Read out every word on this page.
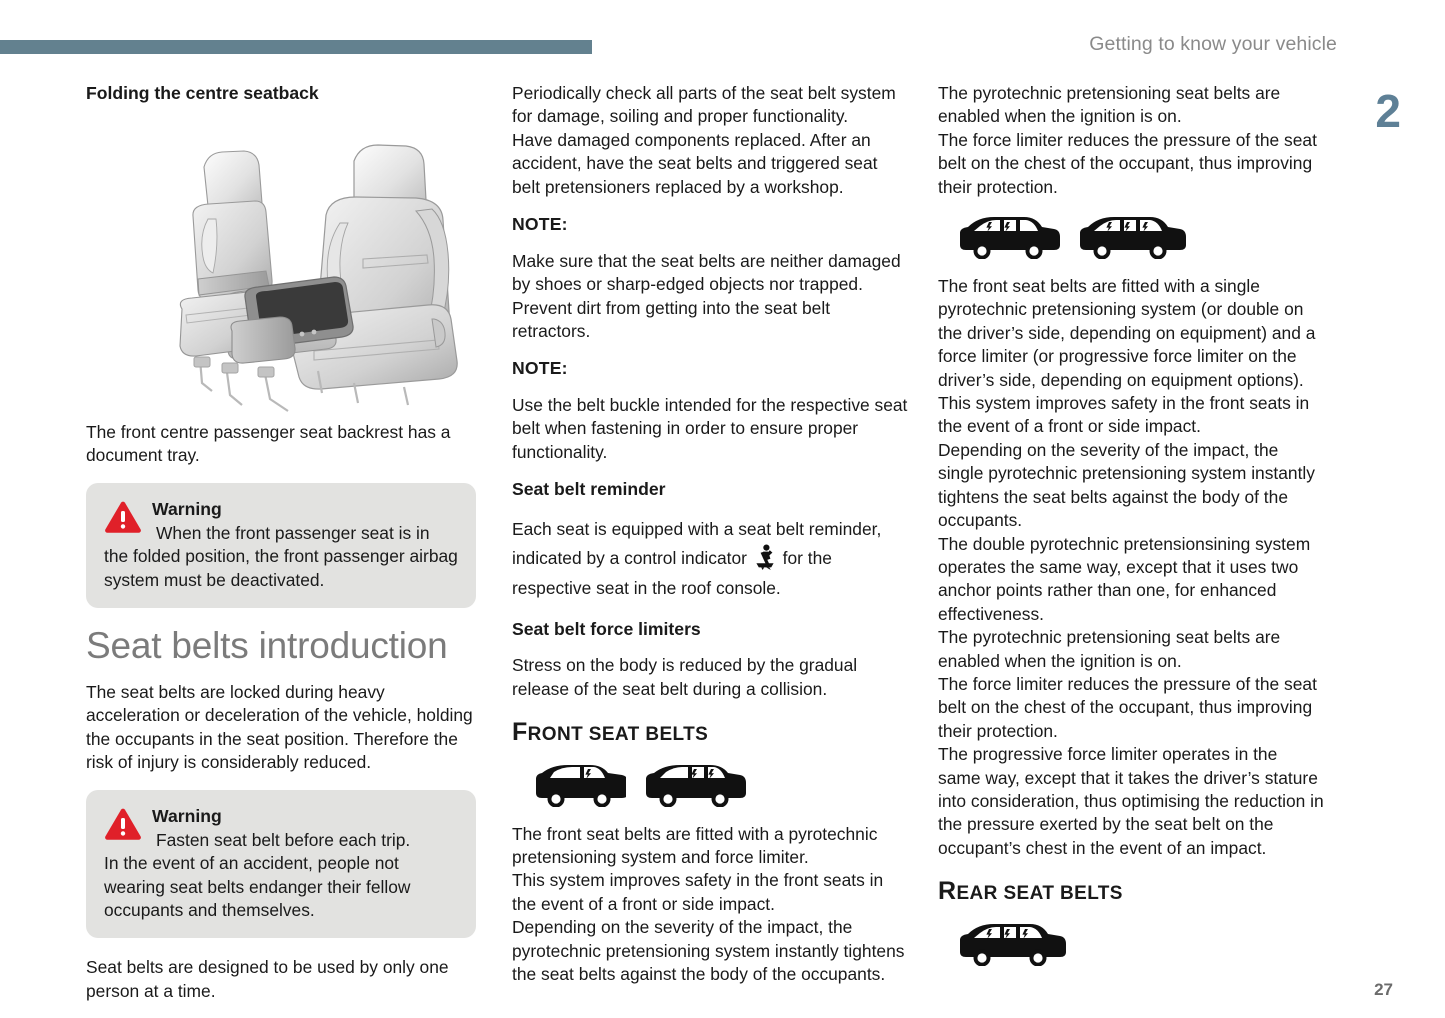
Getting to know your vehicle
2
27
Folding the centre seatback

The front centre passenger seat backrest has a document tray.

Warning
When the front passenger seat is in
the folded position, the front passenger airbag system must be deactivated.
Seat belts introduction

The seat belts are locked during heavy acceleration or deceleration of the vehicle, holding the occupants in the seat position. Therefore the risk of injury is considerably reduced.

Warning
Fasten seat belt before each trip.
In the event of an accident, people not wearing seat belts endanger their fellow occupants and themselves.

Seat belts are designed to be used by only one person at a time.

Periodically check all parts of the seat belt system for damage, soiling and proper functionality.

Have damaged components replaced. After an accident, have the seat belts and triggered seat belt pretensioners replaced by a workshop.

NOTE:

Make sure that the seat belts are neither damaged by shoes or sharp-edged objects nor trapped. Prevent dirt from getting into the seat belt retractors.

NOTE:

Use the belt buckle intended for the respective seat belt when fastening in order to ensure proper functionality.

Seat belt reminder

Each seat is equipped with a seat belt reminder, indicated by a control indicator for the respective seat in the roof console.

Seat belt force limiters

Stress on the body is reduced by the gradual release of the seat belt during a collision.

FRONT SEAT BELTS

The front seat belts are fitted with a pyrotechnic pretensioning system and force limiter.

This system improves safety in the front seats in the event of a front or side impact.

Depending on the severity of the impact, the pyrotechnic pretensioning system instantly tightens the seat belts against the body of the occupants.

The pyrotechnic pretensioning seat belts are enabled when the ignition is on.

The force limiter reduces the pressure of the seat belt on the chest of the occupant, thus improving their protection.

The front seat belts are fitted with a single pyrotechnic pretensioning system (or double on the driver’s side, depending on equipment) and a force limiter (or progressive force limiter on the driver’s side, depending on equipment options).

This system improves safety in the front seats in the event of a front or side impact.

Depending on the severity of the impact, the single pyrotechnic pretensioning system instantly tightens the seat belts against the body of the occupants.

The double pyrotechnic pretensionsining system operates the same way, except that it uses two anchor points rather than one, for enhanced effectiveness.

The pyrotechnic pretensioning seat belts are enabled when the ignition is on.

The force limiter reduces the pressure of the seat belt on the chest of the occupant, thus improving their protection.

The progressive force limiter operates in the same way, except that it takes the driver’s stature into consideration, thus optimising the reduction in the pressure exerted by the seat belt on the occupant’s chest in the event of an impact.

REAR SEAT BELTS
